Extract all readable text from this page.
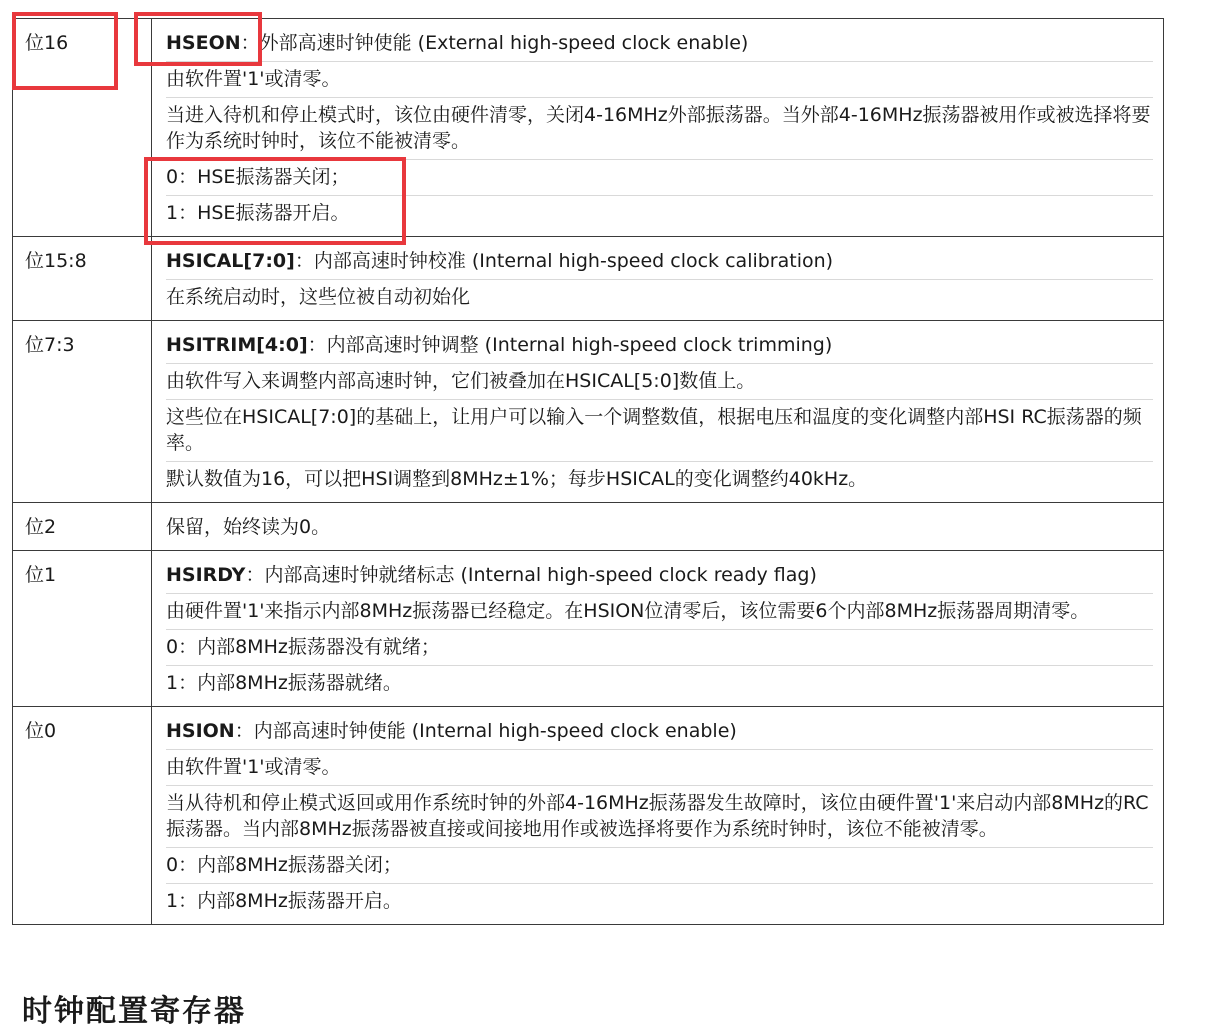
位16	HSEON：外部高速时钟使能 (External high-speed clock enable)
由软件置'1'或清零。
当进入待机和停止模式时，该位由硬件清零，关闭4-16MHz外部振荡器。当外部4-16MHz振荡器被用作或被选择将要作为系统时钟时，该位不能被清零。
0：HSE振荡器关闭；
1：HSE振荡器开启。

位15:8	HSICAL[7:0]：内部高速时钟校准 (Internal high-speed clock calibration)
在系统启动时，这些位被自动初始化

位7:3	HSITRIM[4:0]：内部高速时钟调整 (Internal high-speed clock trimming)
由软件写入来调整内部高速时钟，它们被叠加在HSICAL[5:0]数值上。
这些位在HSICAL[7:0]的基础上，让用户可以输入一个调整数值，根据电压和温度的变化调整内部HSI RC振荡器的频率。
默认数值为16，可以把HSI调整到8MHz±1%；每步HSICAL的变化调整约40kHz。

位2	保留，始终读为0。

位1	HSIRDY：内部高速时钟就绪标志 (Internal high-speed clock ready flag)
由硬件置'1'来指示内部8MHz振荡器已经稳定。在HSION位清零后，该位需要6个内部8MHz振荡器周期清零。
0：内部8MHz振荡器没有就绪；
1：内部8MHz振荡器就绪。

位0	HSION：内部高速时钟使能 (Internal high-speed clock enable)
由软件置'1'或清零。
当从待机和停止模式返回或用作系统时钟的外部4-16MHz振荡器发生故障时，该位由硬件置'1'来启动内部8MHz的RC振荡器。当内部8MHz振荡器被直接或间接地用作或被选择将要作为系统时钟时，该位不能被清零。
0：内部8MHz振荡器关闭；
1：内部8MHz振荡器开启。
时钟配置寄存器
